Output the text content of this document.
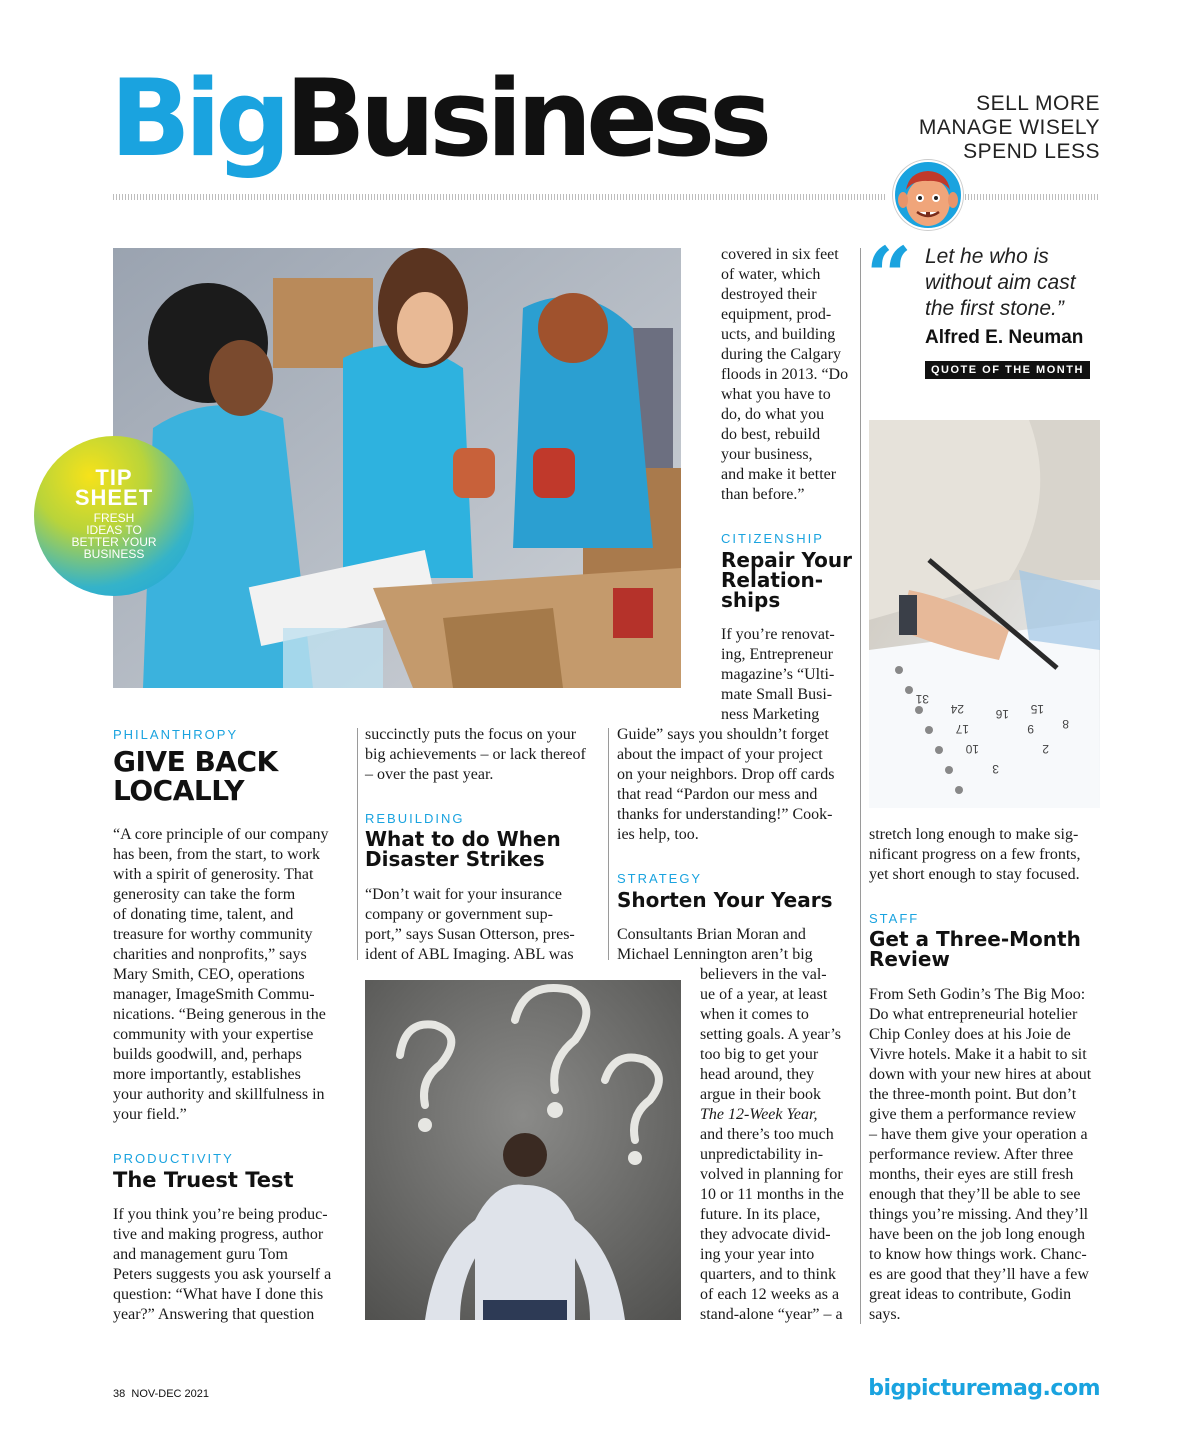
BigBusiness	SELL MORE
MANAGE WISELY
SPEND LESS
“ Let he who is
without aim cast
the first stone.”
Alfred E. Neuman
QUOTE OF THE MONTH
TIP
SHEET
FRESH
IDEAS TO
BETTER YOUR
BUSINESS
covered in six feet
of water, which
destroyed their
equipment, prod-
ucts, and building
during the Calgary
floods in 2013. “Do
what you have to
do, do what you
do best, rebuild
your business,
and make it better
than before.”
CITIZENSHIP
Repair Your
Relation-
ships
If you’re renovat-
ing, Entrepreneur
magazine’s “Ulti-
mate Small Busi-
ness Marketing
Guide” says you shouldn’t forget
about the impact of your project
on your neighbors. Drop off cards
that read “Pardon our mess and
thanks for understanding!” Cook-
ies help, too.
31
24	16 15
17	9 8
10	2
3
PHILANTHROPY
GIVE BACK
LOCALLY
“A core principle of our company
has been, from the start, to work
with a spirit of generosity. That
generosity can take the form
of donating time, talent, and
treasure for worthy community
charities and nonprofits,” says
Mary Smith, CEO, operations
manager, ImageSmith Commu-
nications. “Being generous in the
community with your expertise
builds goodwill, and, perhaps
more importantly, establishes
your authority and skillfulness in
your field.”
PRODUCTIVITY
The Truest Test
If you think you’re being produc-
tive and making progress, author
and management guru Tom
Peters suggests you ask yourself a
question: “What have I done this
year?” Answering that question
succinctly puts the focus on your
big achievements – or lack thereof
– over the past year.
REBUILDING
What to do When
Disaster Strikes
“Don’t wait for your insurance
company or government sup-
port,” says Susan Otterson, pres-
ident of ABL Imaging. ABL was
STRATEGY
Shorten Your Years
Consultants Brian Moran and
Michael Lennington aren’t big
believers in the val-
ue of a year, at least
when it comes to
setting goals. A year’s
too big to get your
head around, they
argue in their book
The 12-Week Year,
and there’s too much
unpredictability in-
volved in planning for
10 or 11 months in the
future. In its place,
they advocate divid-
ing your year into
quarters, and to think
of each 12 weeks as a
stand-alone “year” – a
stretch long enough to make sig-
nificant progress on a few fronts,
yet short enough to stay focused.
STAFF
Get a Three-Month
Review
From Seth Godin’s The Big Moo:
Do what entrepreneurial hotelier
Chip Conley does at his Joie de
Vivre hotels. Make it a habit to sit
down with your new hires at about
the three-month point. But don’t
give them a performance review
– have them give your operation a
performance review. After three
months, their eyes are still fresh
enough that they’ll be able to see
things you’re missing. And they’ll
have been on the job long enough
to know how things work. Chanc-
es are good that they’ll have a few
great ideas to contribute, Godin
says.
38 NOV-DEC 2021	bigpicturemag.com
